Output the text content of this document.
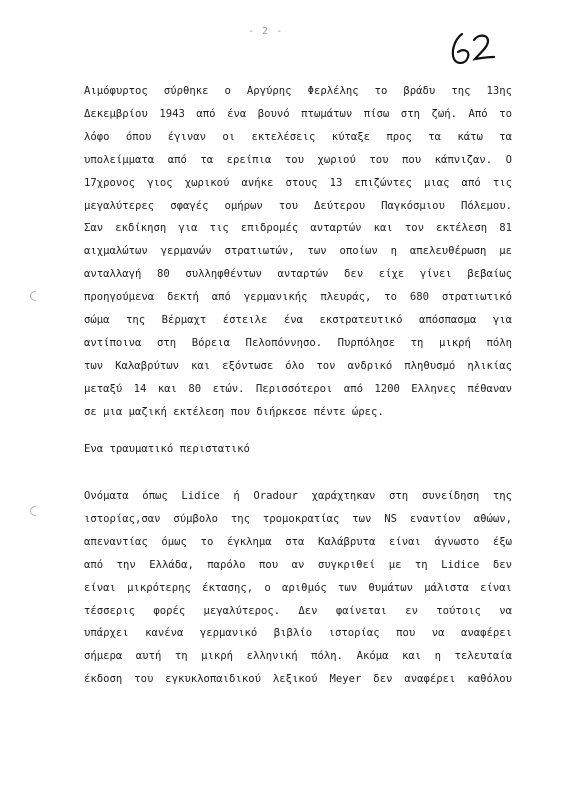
- 2 -
Αιμόφυρτος σύρθηκε ο Αργύρης Φερλέλης το βράδυ της 13ης
Δεκεμβρίου 1943 από ένα βουνό πτωμάτων πίσω στη ζωή. Από το
λόφο όπου έγιναν οι εκτελέσεις κύταξε προς τα κάτω τα
υπολείμματα από τα ερείπια του χωριού του που κάπνιζαν. Ο
17χρονος γιος χωρικού ανήκε στους 13 επιζώντες μιας από τις
μεγαλύτερες σφαγές ομήρων του Δεύτερου Παγκόσμιου Πόλεμου.
Σαν εκδίκηση για τις επιδρομές ανταρτών και τον εκτέλεση 81
αιχμαλώτων γερμανών στρατιωτών, των οποίων η απελευθέρωση με
ανταλλαγή 80 συλληφθέντων ανταρτών δεν είχε γίνει βεβαίως
προηγούμενα δεκτή από γερμανικής πλευράς, το 680 στρατιωτικό
σώμα της Βέρμαχτ έστειλε ένα εκστρατευτικό απόσπασμα για
αντίποινα στη Βόρεια Πελοπόννησο. Πυρπόλησε τη μικρή πόλη
των Καλαβρύτων και εξόντωσε όλο τον ανδρικό πληθυσμό ηλικίας
μεταξύ 14 και 80 ετών. Περισσότεροι από 1200 Ελληνες πέθαναν
σε μια μαζική εκτέλεση που διήρκεσε πέντε ώρες.
Ενα τραυματικό περιστατικό
Ονόματα όπως Lidice ή Oradour χαράχτηκαν στη συνείδηση της
ιστορίας,σαν σύμβολο της τρομοκρατίας των NS εναντίον αθώων,
απεναντίας όμως το έγκλημα στα Καλάβρυτα είναι άγνωστο έξω
από την Ελλάδα, παρόλο που αν συγκριθεί με τη Lidice δεν
είναι μικρότερης έκτασης, ο αριθμός των θυμάτων μάλιστα είναι
τέσσερις φορές μεγαλύτερος. Δεν φαίνεται εν τούτοις να
υπάρχει κανένα γερμανικό βιβλίο ιστορίας που να αναφέρει
σήμερα αυτή τη μικρή ελληνική πόλη. Ακόμα και η τελευταία
έκδοση του εγκυκλοπαιδικού λεξικού Meyer δεν αναφέρει καθόλου
